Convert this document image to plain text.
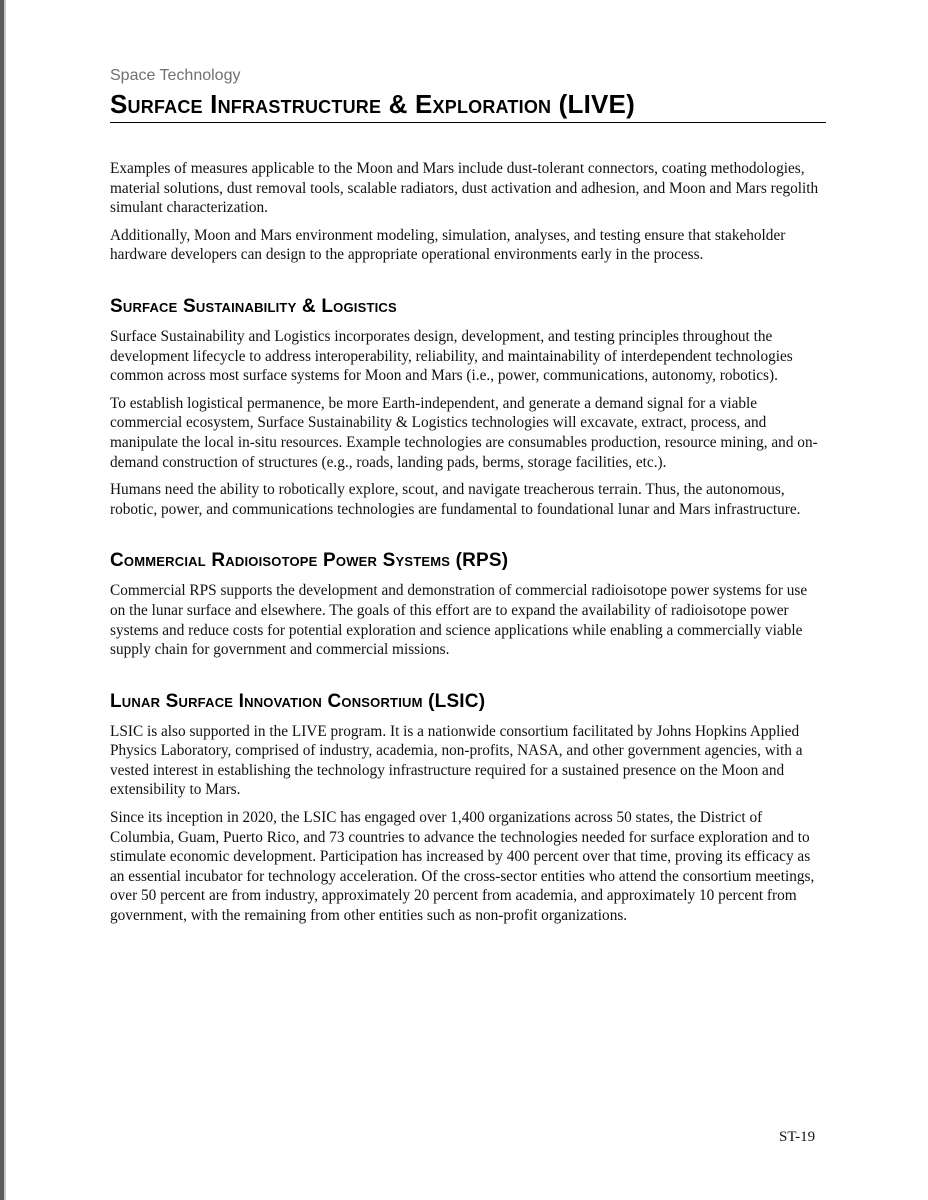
Space Technology
Surface Infrastructure & Exploration (LIVE)

Examples of measures applicable to the Moon and Mars include dust-tolerant connectors, coating methodologies, material solutions, dust removal tools, scalable radiators, dust activation and adhesion, and Moon and Mars regolith simulant characterization.

Additionally, Moon and Mars environment modeling, simulation, analyses, and testing ensure that stakeholder hardware developers can design to the appropriate operational environments early in the process.

Surface Sustainability & Logistics

Surface Sustainability and Logistics incorporates design, development, and testing principles throughout the development lifecycle to address interoperability, reliability, and maintainability of interdependent technologies common across most surface systems for Moon and Mars (i.e., power, communications, autonomy, robotics).

To establish logistical permanence, be more Earth-independent, and generate a demand signal for a viable commercial ecosystem, Surface Sustainability & Logistics technologies will excavate, extract, process, and manipulate the local in-situ resources. Example technologies are consumables production, resource mining, and on-demand construction of structures (e.g., roads, landing pads, berms, storage facilities, etc.).

Humans need the ability to robotically explore, scout, and navigate treacherous terrain. Thus, the autonomous, robotic, power, and communications technologies are fundamental to foundational lunar and Mars infrastructure.

Commercial Radioisotope Power Systems (RPS)

Commercial RPS supports the development and demonstration of commercial radioisotope power systems for use on the lunar surface and elsewhere. The goals of this effort are to expand the availability of radioisotope power systems and reduce costs for potential exploration and science applications while enabling a commercially viable supply chain for government and commercial missions.

Lunar Surface Innovation Consortium (LSIC)

LSIC is also supported in the LIVE program. It is a nationwide consortium facilitated by Johns Hopkins Applied Physics Laboratory, comprised of industry, academia, non-profits, NASA, and other government agencies, with a vested interest in establishing the technology infrastructure required for a sustained presence on the Moon and extensibility to Mars.

Since its inception in 2020, the LSIC has engaged over 1,400 organizations across 50 states, the District of Columbia, Guam, Puerto Rico, and 73 countries to advance the technologies needed for surface exploration and to stimulate economic development. Participation has increased by 400 percent over that time, proving its efficacy as an essential incubator for technology acceleration. Of the cross-sector entities who attend the consortium meetings, over 50 percent are from industry, approximately 20 percent from academia, and approximately 10 percent from government, with the remaining from other entities such as non-profit organizations.

ST-19
